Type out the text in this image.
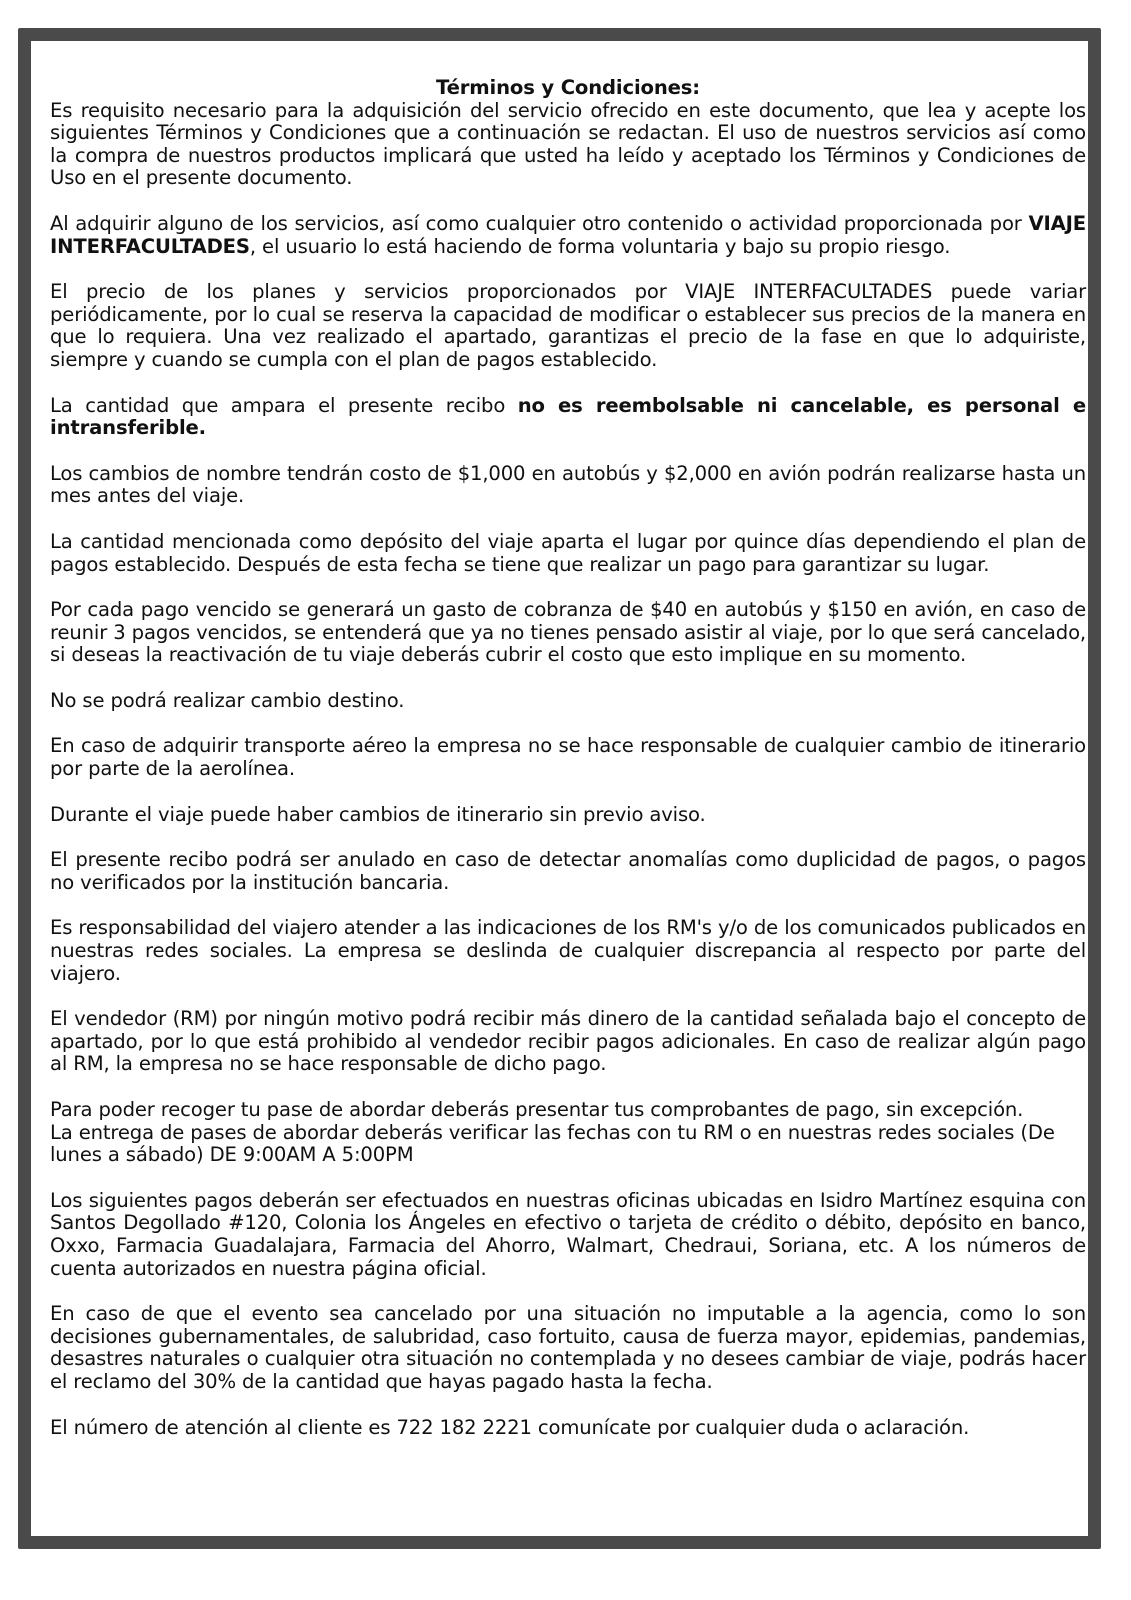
Términos y Condiciones:

Es requisito necesario para la adquisición del servicio ofrecido en este documento, que lea y acepte los siguientes Términos y Condiciones que a continuación se redactan. El uso de nuestros servicios así como la compra de nuestros productos implicará que usted ha leído y aceptado los Términos y Condiciones de Uso en el presente documento.

Al adquirir alguno de los servicios, así como cualquier otro contenido o actividad proporcionada por VIAJE INTERFACULTADES, el usuario lo está haciendo de forma voluntaria y bajo su propio riesgo.

El precio de los planes y servicios proporcionados por VIAJE INTERFACULTADES puede variar periódicamente, por lo cual se reserva la capacidad de modificar o establecer sus precios de la manera en que lo requiera. Una vez realizado el apartado, garantizas el precio de la fase en que lo adquiriste, siempre y cuando se cumpla con el plan de pagos establecido.

La cantidad que ampara el presente recibo no es reembolsable ni cancelable, es personal e intransferible.

Los cambios de nombre tendrán costo de $1,000 en autobús y $2,000 en avión podrán realizarse hasta un mes antes del viaje.

La cantidad mencionada como depósito del viaje aparta el lugar por quince días dependiendo el plan de pagos establecido. Después de esta fecha se tiene que realizar un pago para garantizar su lugar.

Por cada pago vencido se generará un gasto de cobranza de $40 en autobús y $150 en avión, en caso de reunir 3 pagos vencidos, se entenderá que ya no tienes pensado asistir al viaje, por lo que será cancelado, si deseas la reactivación de tu viaje deberás cubrir el costo que esto implique en su momento.

No se podrá realizar cambio destino.

En caso de adquirir transporte aéreo la empresa no se hace responsable de cualquier cambio de itinerario por parte de la aerolínea.

Durante el viaje puede haber cambios de itinerario sin previo aviso.

El presente recibo podrá ser anulado en caso de detectar anomalías como duplicidad de pagos, o pagos no verificados por la institución bancaria.

Es responsabilidad del viajero atender a las indicaciones de los RM's y/o de los comunicados publicados en nuestras redes sociales. La empresa se deslinda de cualquier discrepancia al respecto por parte del viajero.

El vendedor (RM) por ningún motivo podrá recibir más dinero de la cantidad señalada bajo el concepto de apartado, por lo que está prohibido al vendedor recibir pagos adicionales. En caso de realizar algún pago al RM, la empresa no se hace responsable de dicho pago.

Para poder recoger tu pase de abordar deberás presentar tus comprobantes de pago, sin excepción.
La entrega de pases de abordar deberás verificar las fechas con tu RM o en nuestras redes sociales (De lunes a sábado) DE 9:00AM A 5:00PM

Los siguientes pagos deberán ser efectuados en nuestras oficinas ubicadas en Isidro Martínez esquina con Santos Degollado #120, Colonia los Ángeles en efectivo o tarjeta de crédito o débito, depósito en banco, Oxxo, Farmacia Guadalajara, Farmacia del Ahorro, Walmart, Chedraui, Soriana, etc. A los números de cuenta autorizados en nuestra página oficial.

En caso de que el evento sea cancelado por una situación no imputable a la agencia, como lo son decisiones gubernamentales, de salubridad, caso fortuito, causa de fuerza mayor, epidemias, pandemias, desastres naturales o cualquier otra situación no contemplada y no desees cambiar de viaje, podrás hacer el reclamo del 30% de la cantidad que hayas pagado hasta la fecha.

El número de atención al cliente es 722 182 2221 comunícate por cualquier duda o aclaración.
